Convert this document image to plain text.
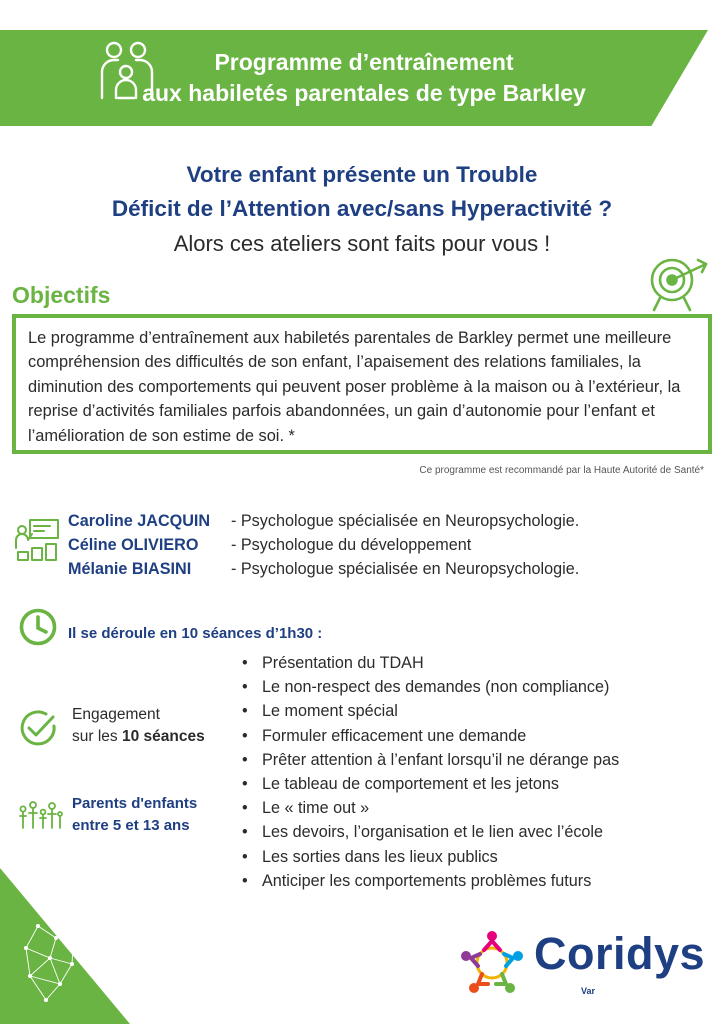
Programme d’entraînement
aux habiletés parentales de type Barkley
Votre enfant présente un Trouble
Déficit de l’Attention avec/sans Hyperactivité ?
Alors ces ateliers sont faits pour vous !
Objectifs

Le programme d’entraînement aux habiletés parentales de Barkley permet une meilleure compréhension des difficultés de son enfant, l’apaisement des relations familiales, la diminution des comportements qui peuvent poser problème à la maison ou à l’extérieur, la reprise d’activités familiales parfois abandonnées, un gain d’autonomie pour l’enfant et l’amélioration de son estime de soi. *

Ce programme est recommandé par la Haute Autorité de Santé*
Caroline JACQUIN	- Psychologue spécialisée en Neuropsychologie.
Céline OLIVIERO	- Psychologue du développement
Mélanie BIASINI	- Psychologue spécialisée en Neuropsychologie.
Il se déroule en 10 séances d’1h30 :
• Présentation du TDAH
• Le non-respect des demandes (non compliance)
• Le moment spécial
• Formuler efficacement une demande
• Prêter attention à l’enfant lorsqu’il ne dérange pas
• Le tableau de comportement et les jetons
• Le « time out »
• Les devoirs, l’organisation et le lien avec l’école
• Les sorties dans les lieux publics
• Anticiper les comportements problèmes futurs
Engagement
sur les 10 séances
Parents d'enfants
entre 5 et 13 ans
Coridys
Var
